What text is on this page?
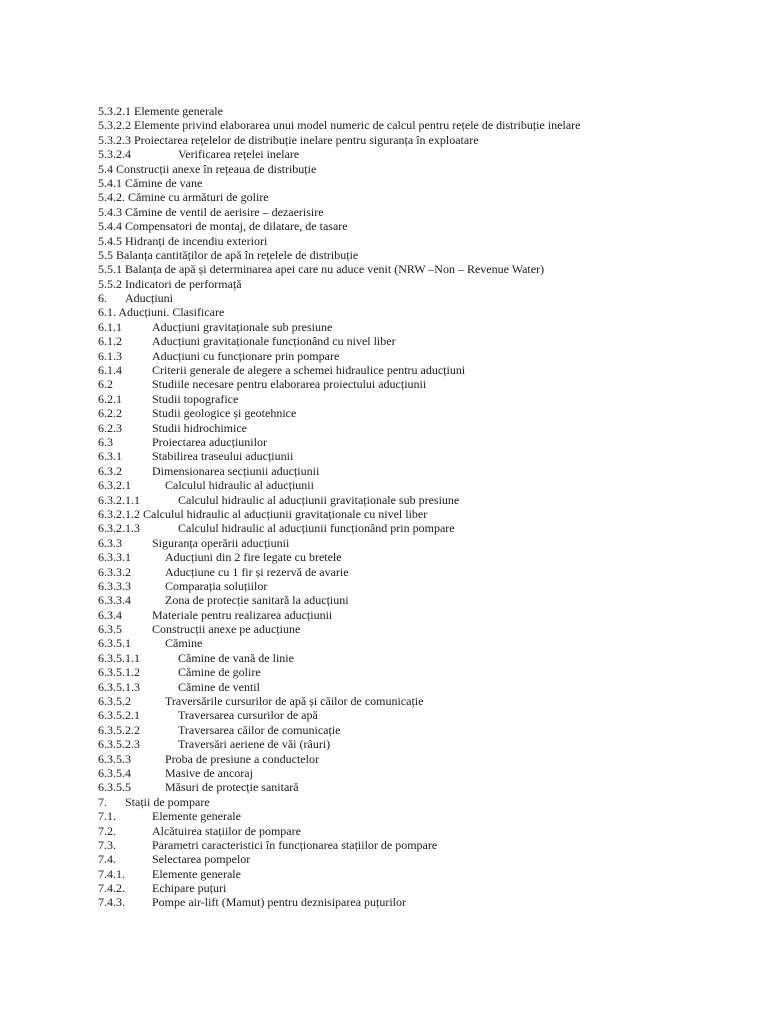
5.3.2.1 Elemente generale
5.3.2.2 Elemente privind elaborarea unui model numeric de calcul pentru rețele de distribuție inelare
5.3.2.3 Proiectarea rețelelor de distribuție inelare pentru siguranța în exploatare
5.3.2.4	Verificarea rețelei inelare
5.4 Construcții anexe în rețeaua de distribuție
5.4.1 Cămine de vane
5.4.2. Cămine cu armături de golire
5.4.3 Cămine de ventil de aerisire – dezaerisire
5.4.4 Compensatori de montaj, de dilatare, de tasare
5.4.5 Hidranți de incendiu exteriori
5.5 Balanța cantităților de apă în rețelele de distribuție
5.5.1 Balanța de apă și determinarea apei care nu aduce venit (NRW –Non – Revenue Water)
5.5.2 Indicatori de performață
6. Aducțiuni
6.1. Aducțiuni. Clasificare
6.1.1	Aducțiuni gravitaționale sub presiune
6.1.2	Aducțiuni gravitaționale funcționând cu nivel liber
6.1.3	Aducțiuni cu funcționare prin pompare
6.1.4	Criterii generale de alegere a schemei hidraulice pentru aducțiuni
6.2	Studiile necesare pentru elaborarea proiectului aducțiunii
6.2.1	Studii topografice
6.2.2	Studii geologice și geotehnice
6.2.3	Studii hidrochimice
6.3	Proiectarea aducțiunilor
6.3.1	Stabilirea traseului aducțiunii
6.3.2	Dimensionarea secțiunii aducțiunii
6.3.2.1	Calculul hidraulic al aducțiunii
6.3.2.1.1	Calculul hidraulic al aducțiunii gravitaționale sub presiune
6.3.2.1.2 Calculul hidraulic al aducțiunii gravitaționale cu nivel liber
6.3.2.1.3	Calculul hidraulic al aducțiunii funcționând prin pompare
6.3.3	Siguranța operării aducțiunii
6.3.3.1	Aducțiuni din 2 fire legate cu bretele
6.3.3.2	Aducțiune cu 1 fir și rezervă de avarie
6.3.3.3	Comparația soluțiilor
6.3.3.4	Zona de protecție sanitară la aducțiuni
6.3.4	Materiale pentru realizarea aducțiunii
6.3.5	Construcții anexe pe aducțiune
6.3.5.1	Cămine
6.3.5.1.1	Cămine de vană de linie
6.3.5.1.2	Cămine de golire
6.3.5.1.3	Cămine de ventil
6.3.5.2	Traversările cursurilor de apă și căilor de comunicație
6.3.5.2.1	Traversarea cursurilor de apă
6.3.5.2.2	Traversarea căilor de comunicație
6.3.5.2.3	Traversări aeriene de văi (râuri)
6.3.5.3	Proba de presiune a conductelor
6.3.5.4	Masive de ancoraj
6.3.5.5	Măsuri de protecție sanitară
7. Stații de pompare
7.1.	Elemente generale
7.2.	Alcătuirea stațiilor de pompare
7.3.	Parametri caracteristici în funcționarea stațiilor de pompare
7.4.	Selectarea pompelor
7.4.1. Elemente generale
7.4.2. Echipare puțuri
7.4.3. Pompe air-lift (Mamut) pentru deznisiparea puțurilor
